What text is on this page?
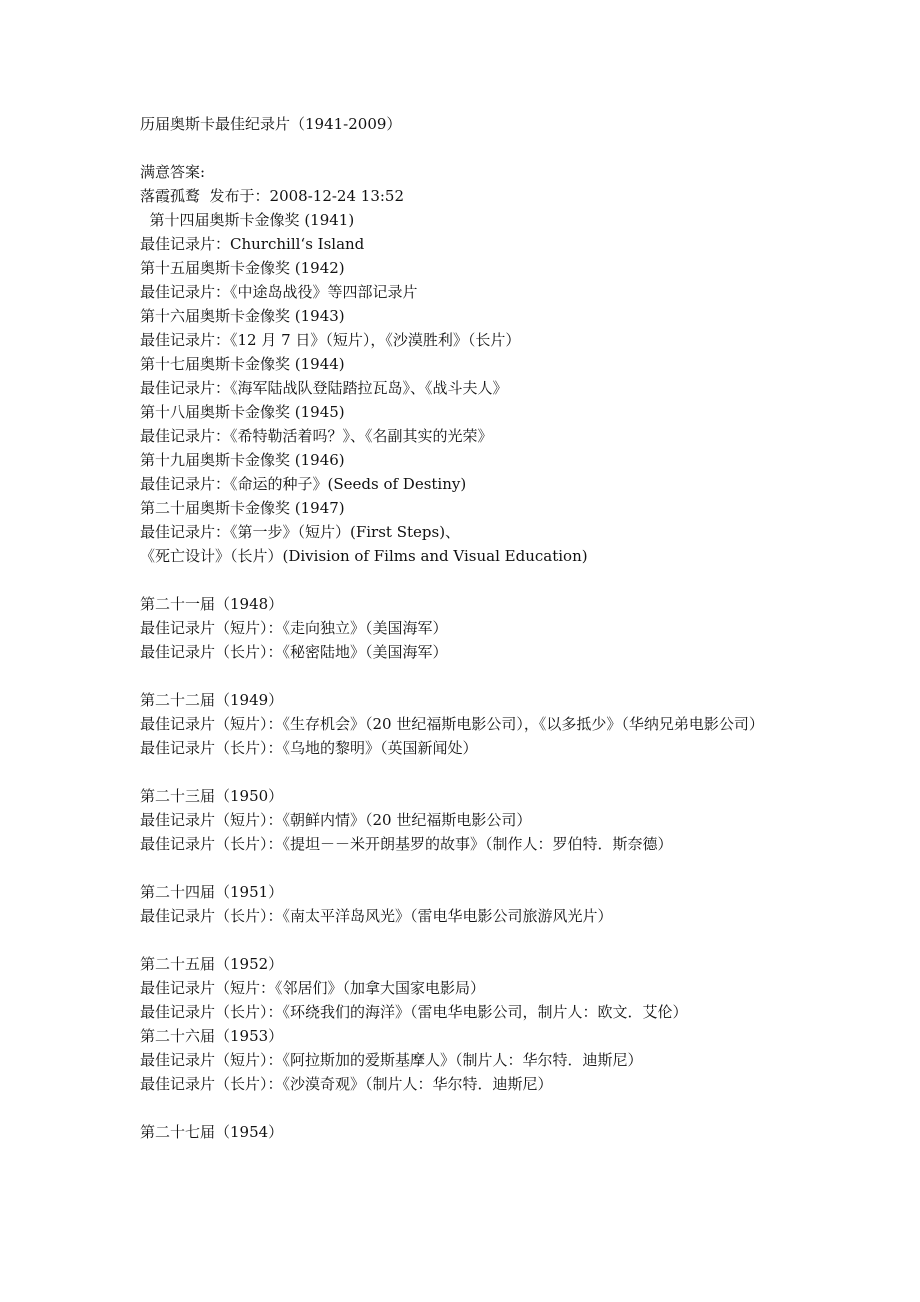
历届奥斯卡最佳纪录片（1941-2009）
满意答案:
落霞孤鹜  发布于：2008-12-24 13:52
第十四届奥斯卡金像奖 (1941)
最佳记录片：Churchill‘s Island
第十五届奥斯卡金像奖 (1942)
最佳记录片：《中途岛战役》等四部记录片
第十六届奥斯卡金像奖 (1943)
最佳记录片：《12 月 7 日》（短片），《沙漠胜利》（长片）
第十七届奥斯卡金像奖 (1944)
最佳记录片：《海军陆战队登陆踏拉瓦岛》、《战斗夫人》
第十八届奥斯卡金像奖 (1945)
最佳记录片：《希特勒活着吗？》、《名副其实的光荣》
第十九届奥斯卡金像奖 (1946)
最佳记录片：《命运的种子》(Seeds of Destiny)
第二十届奥斯卡金像奖 (1947)
最佳记录片：《第一步》（短片）(First Steps)、
《死亡设计》（长片）(Division of Films and Visual Education)
第二十一届（1948）
最佳记录片（短片）：《走向独立》（美国海军）
最佳记录片（长片）：《秘密陆地》（美国海军）
第二十二届（1949）
最佳记录片（短片）：《生存机会》（20 世纪福斯电影公司），《以多抵少》（华纳兄弟电影公司）
最佳记录片（长片）：《乌地的黎明》（英国新闻处）
第二十三届（1950）
最佳记录片（短片）：《朝鲜内情》（20 世纪福斯电影公司）
最佳记录片（长片）：《提坦－－米开朗基罗的故事》（制作人：罗伯特．斯奈德）
第二十四届（1951）
最佳记录片（长片）：《南太平洋岛风光》（雷电华电影公司旅游风光片）
第二十五届（1952）
最佳记录片（短片：《邻居们》（加拿大国家电影局）
最佳记录片（长片）：《环绕我们的海洋》（雷电华电影公司，制片人：欧文．艾伦）
第二十六届（1953）
最佳记录片（短片）：《阿拉斯加的爱斯基摩人》（制片人：华尔特．迪斯尼）
最佳记录片（长片）：《沙漠奇观》（制片人：华尔特．迪斯尼）
第二十七届（1954）
